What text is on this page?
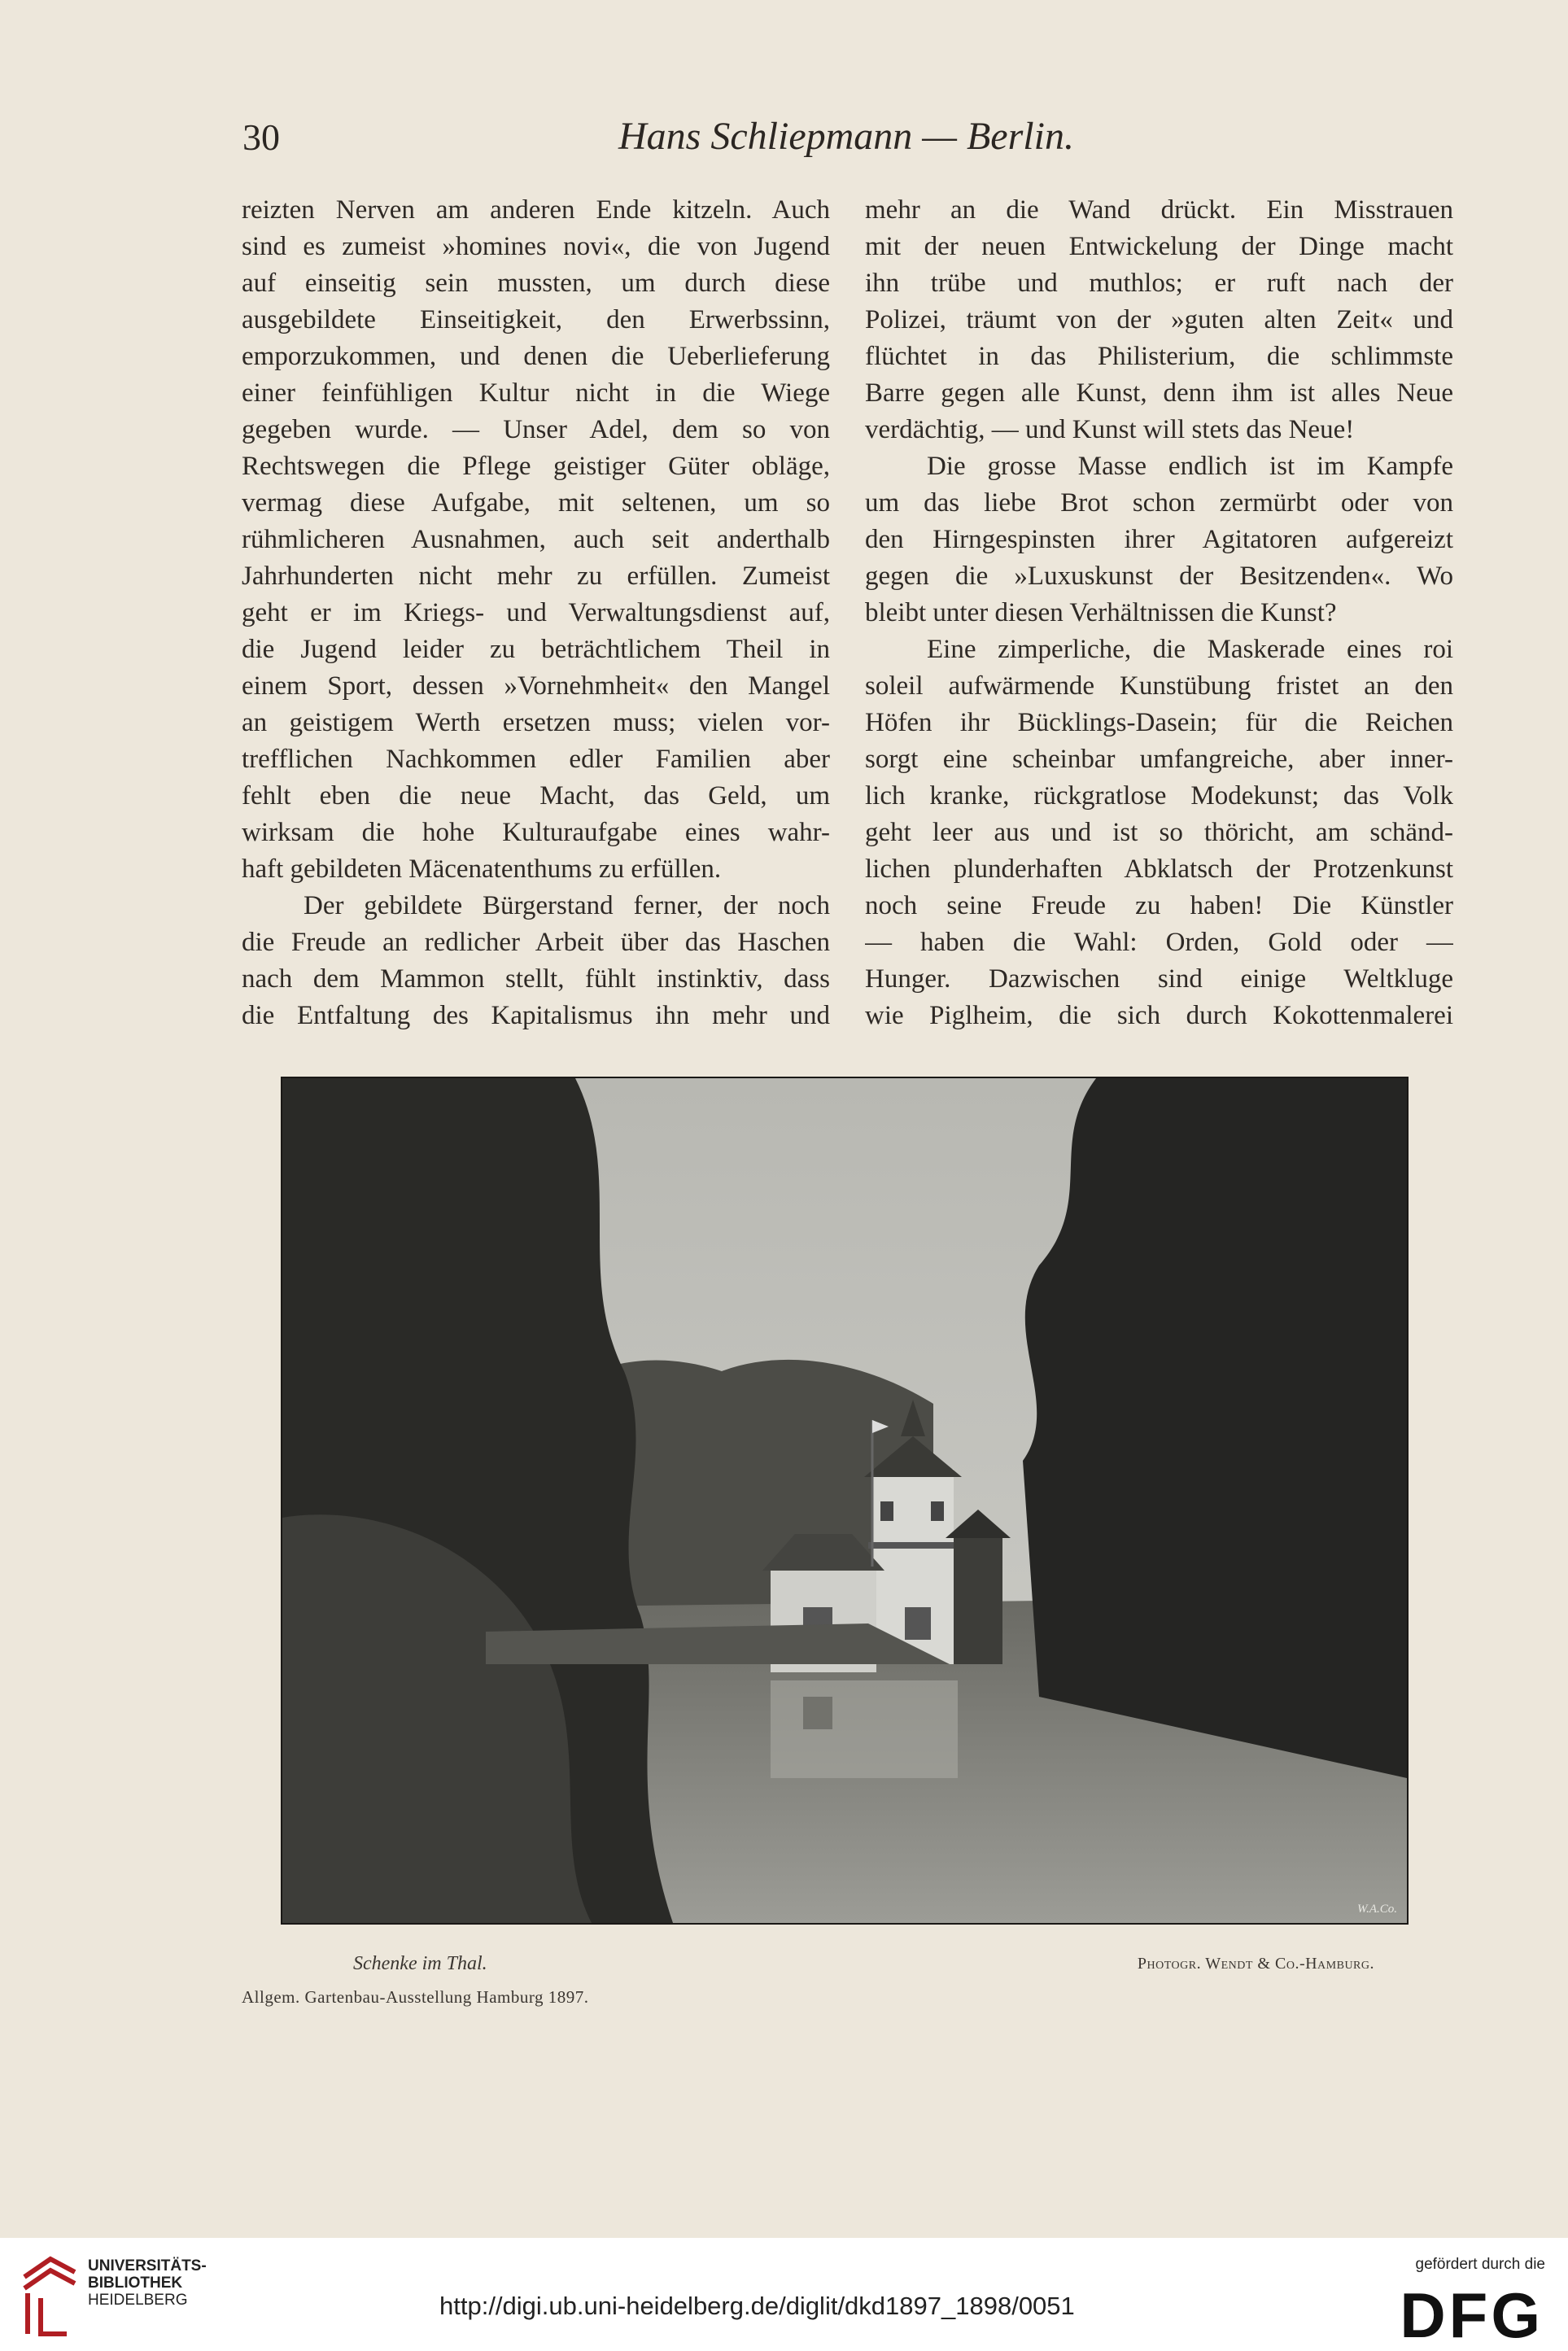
30	Hans Schliepmann — Berlin.
reizten Nerven am anderen Ende kitzeln. Auch
sind es zumeist »homines novi«, die von Jugend
auf einseitig sein mussten, um durch diese
ausgebildete Einseitigkeit, den Erwerbssinn,
emporzukommen, und denen die Ueberlieferung
einer feinfühligen Kultur nicht in die Wiege
gegeben wurde. — Unser Adel, dem so von
Rechtswegen die Pflege geistiger Güter obläge,
vermag diese Aufgabe, mit seltenen, um so
rühmlicheren Ausnahmen, auch seit anderthalb
Jahrhunderten nicht mehr zu erfüllen. Zumeist
geht er im Kriegs- und Verwaltungsdienst auf,
die Jugend leider zu beträchtlichem Theil in
einem Sport, dessen »Vornehmheit« den Mangel
an geistigem Werth ersetzen muss; vielen vor-
trefflichen Nachkommen edler Familien aber
fehlt eben die neue Macht, das Geld, um
wirksam die hohe Kulturaufgabe eines wahr-
haft gebildeten Mäcenatenthums zu erfüllen.
Der gebildete Bürgerstand ferner, der noch
die Freude an redlicher Arbeit über das Haschen
nach dem Mammon stellt, fühlt instinktiv, dass
die Entfaltung des Kapitalismus ihn mehr und
mehr an die Wand drückt. Ein Misstrauen
mit der neuen Entwickelung der Dinge macht
ihn trübe und muthlos; er ruft nach der
Polizei, träumt von der »guten alten Zeit« und
flüchtet in das Philisterium, die schlimmste
Barre gegen alle Kunst, denn ihm ist alles Neue
verdächtig, — und Kunst will stets das Neue!
Die grosse Masse endlich ist im Kampfe
um das liebe Brot schon zermürbt oder von
den Hirngespinsten ihrer Agitatoren aufgereizt
gegen die »Luxuskunst der Besitzenden«. Wo
bleibt unter diesen Verhältnissen die Kunst?
Eine zimperliche, die Maskerade eines roi
soleil aufwärmende Kunstübung fristet an den
Höfen ihr Bücklings-Dasein; für die Reichen
sorgt eine scheinbar umfangreiche, aber inner-
lich kranke, rückgratlose Modekunst; das Volk
geht leer aus und ist so thöricht, am schänd-
lichen plunderhaften Abklatsch der Protzenkunst
noch seine Freude zu haben! Die Künstler
— haben die Wahl: Orden, Gold oder —
Hunger. Dazwischen sind einige Weltkluge
wie Piglheim, die sich durch Kokottenmalerei
W.A.Co.
Schenke im Thal.	Photogr. Wendt & Co.-Hamburg.
Allgem. Gartenbau-Ausstellung Hamburg 1897.
UNIVERSITÄTS-
BIBLIOTHEK
HEIDELBERG	http://digi.ub.uni-heidelberg.de/diglit/dkd1897_1898/0051
gefördert durch die
DFG
